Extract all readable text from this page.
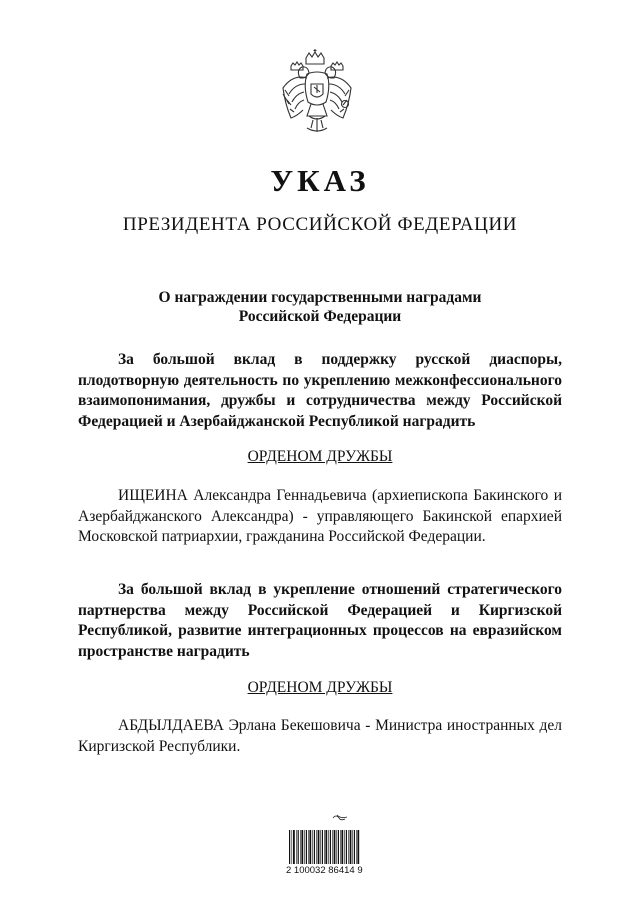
УКАЗ
ПРЕЗИДЕНТА РОССИЙСКОЙ ФЕДЕРАЦИИ
О награждении государственными наградами Российской Федерации
За большой вклад в поддержку русской диаспоры, плодотворную деятельность по укреплению межконфессионального взаимопонимания, дружбы и сотрудничества между Российской Федерацией и Азербайджанской Республикой наградить
ОРДЕНОМ ДРУЖБЫ
ИЩЕИНА Александра Геннадьевича (архиепископа Бакинского и Азербайджанского Александра) - управляющего Бакинской епархией Московской патриархии, гражданина Российской Федерации.
За большой вклад в укрепление отношений стратегического партнерства между Российской Федерацией и Киргизской Республикой, развитие интеграционных процессов на евразийском пространстве наградить
ОРДЕНОМ ДРУЖБЫ
АБДЫЛДАЕВА Эрлана Бекешовича - Министра иностранных дел Киргизской Республики.
2 100032 86414 9
